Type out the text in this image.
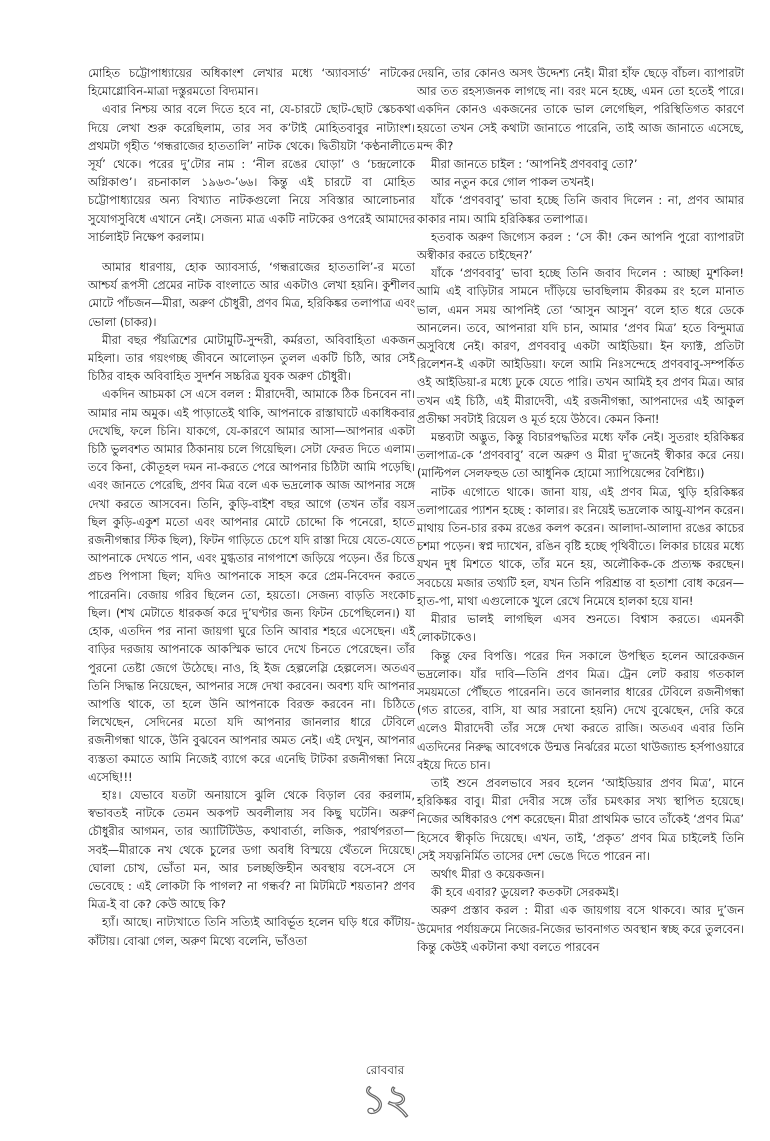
মোহিত চট্টোপাধ্যায়ের অধিকাংশ লেখার মধ্যে ‘অ্যাবসার্ড’ নাটকের হিমোগ্লোবিন-মাত্রা দস্তুরমতো বিদ্যমান।

এবার নিশ্চয় আর বলে দিতে হবে না, যে-চারটে ছোট-ছোট স্কেচকথা দিয়ে লেখা শুরু করেছিলাম, তার সব ক’টাই মোহিতবাবুর নাট্যাংশ। প্রথমটা গৃহীত ‘গন্ধরাজের হাততালি’ নাটক থেকে। দ্বিতীয়টা ‘কণ্ঠনালীতে সূর্য’ থেকে। পরের দু’টোর নাম : ‘নীল রঙের ঘোড়া’ ও ‘চন্দ্রলোকে অগ্নিকাণ্ড’। রচনাকাল ১৯৬৩-’৬৬। কিন্তু এই চারটে বা মোহিত চট্টোপাধ্যায়ের অন্য বিখ্যাত নাটকগুলো নিয়ে সবিস্তার আলোচনার সুযোগসুবিধে এখানে নেই। সেজন্য মাত্র একটি নাটকের ওপরেই আমাদের সার্চলাইট নিক্ষেপ করলাম।

আমার ধারণায়, হোক অ্যাবসার্ড, ‘গন্ধরাজের হাততালি’-র মতো আশ্চর্য রূপসী প্রেমের নাটক বাংলাতে আর একটাও লেখা হয়নি। কুশীলব মোটে পাঁচজন—মীরা, অরুণ চৌধুরী, প্রণব মিত্র, হরিকিঙ্কর তলাপাত্র এবং ভোলা (চাকর)।

মীরা বছর পঁয়ত্রিশের মোটামুটি-সুন্দরী, কর্মরতা, অবিবাহিতা একজন মহিলা। তার গয়ংগচ্ছ জীবনে আলোড়ন তুলল একটি চিঠি, আর সেই চিঠির বাহক অবিবাহিত সুদর্শন সচ্চরিত্র যুবক অরুণ চৌধুরী।

একদিন আচমকা সে এসে বলল : মীরাদেবী, আমাকে ঠিক চিনবেন না। আমার নাম অমুক। এই পাড়াতেই থাকি, আপনাকে রাস্তাঘাটে একাধিকবার দেখেছি, ফলে চিনি। যাকগে, যে-কারণে আমার আসা—আপনার একটা চিঠি ভুলবশত আমার ঠিকানায় চলে গিয়েছিল। সেটা ফেরত দিতে এলাম। তবে কিনা, কৌতূহল দমন না-করতে পেরে আপনার চিঠিটা আমি পড়েছি। এবং জানতে পেরেছি, প্রণব মিত্র বলে এক ভদ্রলোক আজ আপনার সঙ্গে দেখা করতে আসবেন। তিনি, কুড়ি-বাইশ বছর আগে (তখন তাঁর বয়স ছিল কুড়ি-একুশ মতো এবং আপনার মোটে চোদ্দো কি পনেরো, হাতে রজনীগন্ধার স্টিক ছিল), ফিটন গাড়িতে চেপে যদি রাস্তা দিয়ে যেতে-যেতে আপনাকে দেখতে পান, এবং মুগ্ধতার নাগপাশে জড়িয়ে পড়েন। ওঁর চিত্তে প্রচণ্ড পিপাসা ছিল; যদিও আপনাকে সাহস করে প্রেম-নিবেদন করতে পারেননি। বেজায় গরিব ছিলেন তো, হয়তো। সেজন্য বাড়তি সংকোচ ছিল। (শখ মেটাতে ধারকর্জ করে দু’ঘণ্টার জন্য ফিটন চেপেছিলেন।) যা হোক, এতদিন পর নানা জায়গা ঘুরে তিনি আবার শহরে এসেছেন। এই বাড়ির দরজায় আপনাকে আকস্মিক ভাবে দেখে চিনতে পেরেছেন। তাঁর পুরনো তেষ্টা জেগে উঠেছে। নাও, হি ইজ হেল্পলেস্লি হেল্পলেস। অতএব তিনি সিদ্ধান্ত নিয়েছেন, আপনার সঙ্গে দেখা করবেন। অবশ্য যদি আপনার আপত্তি থাকে, তা হলে উনি আপনাকে বিরক্ত করবেন না। চিঠিতে লিখেছেন, সেদিনের মতো যদি আপনার জানলার ধারে টেবিলে রজনীগন্ধা থাকে, উনি বুঝবেন আপনার অমত নেই। এই দেখুন, আপনার ব্যস্ততা কমাতে আমি নিজেই ব্যাগে করে এনেছি টাটকা রজনীগন্ধা নিয়ে এসেছি!!!

হাঃ। যেভাবে যতটা অনায়াসে ঝুলি থেকে বিড়াল বের করলাম, স্বভাবতই নাটকে তেমন অকপট অবলীলায় সব কিছু ঘটেনি। অরুণ চৌধুরীর আগমন, তার অ্যাটিটিউড, কথাবার্তা, লজিক, পরার্থপরতা—সবই—মীরাকে নখ থেকে চুলের ডগা অবধি বিস্ময়ে থেঁতলে দিয়েছে। ঘোলা চোখ, ভোঁতা মন, আর চলচ্ছক্তিহীন অবস্থায় বসে-বসে সে ভেবেছে : এই লোকটা কি পাগল? না গন্ধর্ব? না মিটমিটে শয়তান? প্রণব মিত্র-ই বা কে? কেউ আছে কি?

হ্যাঁ। আছে। নাট্যখাতে তিনি সত্যিই আবির্ভূত হলেন ঘড়ি ধরে কাঁটায়-কাঁটায়। বোঝা গেল, অরুণ মিথ্যে বলেনি, ভাঁওতা

দেয়নি, তার কোনও অসৎ উদ্দেশ্য নেই। মীরা হাঁফ ছেড়ে বাঁচল। ব্যাপারটা আর তত রহস্যজনক লাগছে না। বরং মনে হচ্ছে, এমন তো হতেই পারে। একদিন কোনও একজনের তাকে ভাল লেগেছিল, পরিস্থিতিগত কারণে হয়তো তখন সেই কথাটা জানাতে পারেনি, তাই আজ জানাতে এসেছে, মন্দ কী?

মীরা জানতে চাইল : ‘আপনিই প্রণববাবু তো?’

আর নতুন করে গোল পাকল তখনই।

যাঁকে ‘প্রণববাবু’ ভাবা হচ্ছে তিনি জবাব দিলেন : না, প্রণব আমার কাকার নাম। আমি হরিকিঙ্কর তলাপাত্র।

হতবাক অরুণ জিগ্যেস করল : ‘সে কী! কেন আপনি পুরো ব্যাপারটা অস্বীকার করতে চাইছেন?’

যাঁকে ‘প্রণববাবু’ ভাবা হচ্ছে তিনি জবাব দিলেন : আচ্ছা মুশকিল! আমি এই বাড়িটার সামনে দাঁড়িয়ে ভাবছিলাম কীরকম রং হলে মানাত ভাল, এমন সময় আপনিই তো ‘আসুন আসুন’ বলে হাত ধরে ডেকে আনলেন। তবে, আপনারা যদি চান, আমার ‘প্রণব মিত্র’ হতে বিন্দুমাত্র অসুবিধে নেই। কারণ, প্রণববাবু একটা আইডিয়া। ইন ফ্যাক্ট, প্রতিটা রিলেশন-ই একটা আইডিয়া। ফলে আমি নিঃসন্দেহে প্রণববাবু-সম্পর্কিত ওই আইডিয়া-র মধ্যে ঢুকে যেতে পারি। তখন আমিই হব প্রণব মিত্র। আর তখন এই চিঠি, এই মীরাদেবী, এই রজনীগন্ধা, আপনাদের এই আকুল প্রতীক্ষা সবটাই রিয়েল ও মূর্ত হয়ে উঠবে। কেমন কিনা!

মন্তব্যটা অদ্ভুত, কিন্তু বিচারপদ্ধতির মধ্যে ফাঁক নেই। সুতরাং হরিকিঙ্কর তলাপাত্র-কে ‘প্রণববাবু’ বলে অরুণ ও মীরা দু’জনেই স্বীকার করে নেয়। (মাল্টিপল সেলফহুড তো আধুনিক হোমো স্যাপিয়েন্সের বৈশিষ্ট্য।)

নাটক এগোতে থাকে। জানা যায়, এই প্রণব মিত্র, থুড়ি হরিকিঙ্কর তলাপাত্রের প্যাশন হচ্ছে : কালার। রং নিয়েই ভদ্রলোক আয়ু-যাপন করেন। মাথায় তিন-চার রকম রঙের কলপ করেন। আলাদা-আলাদা রঙের কাচের চশমা পড়েন। স্বপ্ন দ্যাখেন, রঙিন বৃষ্টি হচ্ছে পৃথিবীতে। লিকার চায়ের মধ্যে যখন দুধ মিশতে থাকে, তাঁর মনে হয়, অলৌকিক-কে প্রত্যক্ষ করছেন। সবচেয়ে মজার তথ্যটি হল, যখন তিনি পরিশ্রান্ত বা হতাশা বোধ করেন—হাত-পা, মাথা এগুলোকে খুলে রেখে নিমেষে হালকা হয়ে যান!

মীরার ভালই লাগছিল এসব শুনতে। বিশ্বাস করতে। এমনকী লোকটাকেও।

কিন্তু ফের বিপত্তি। পরের দিন সকালে উপস্থিত হলেন আরেকজন ভদ্রলোক। যাঁর দাবি—তিনি প্রণব মিত্র। ট্রেন লেট করায় গতকাল সময়মতো পৌঁছতে পারেননি। তবে জানলার ধারের টেবিলে রজনীগন্ধা (গত রাতের, বাসি, যা আর সরানো হয়নি) দেখে বুঝেছেন, দেরি করে এলেও মীরাদেবী তাঁর সঙ্গে দেখা করতে রাজি। অতএব এবার তিনি এতদিনের নিরুদ্ধ আবেগকে উন্মত্ত নির্ঝরের মতো থাউজ্যান্ড হর্সপাওয়ারে বইয়ে দিতে চান।

তাই শুনে প্রবলভাবে সরব হলেন ‘আইডিয়ার প্রণব মিত্র’, মানে হরিকিঙ্কর বাবু। মীরা দেবীর সঙ্গে তাঁর চমৎকার সখ্য স্থাপিত হয়েছে। নিজের অধিকারও পেশ করেছেন। মীরা প্রাথমিক ভাবে তাঁকেই ‘প্রণব মিত্র’ হিসেবে স্বীকৃতি দিয়েছে। এখন, তাই, ‘প্রকৃত’ প্রণব মিত্র চাইলেই তিনি সেই সযত্ননির্মিত তাসের দেশ ভেঙে দিতে পারেন না।

অর্থাৎ মীরা ও কয়েকজন।

কী হবে এবার? ডুয়েল? কতকটা সেরকমই।

অরুণ প্রস্তাব করল : মীরা এক জায়গায় বসে থাকবে। আর দু’জন উমেদার পর্যায়ক্রমে নিজের-নিজের ভাবনাগত অবস্থান স্বচ্ছ করে তুলবেন। কিন্তু কেউই একটানা কথা বলতে পারবেন

রোববার
১২
